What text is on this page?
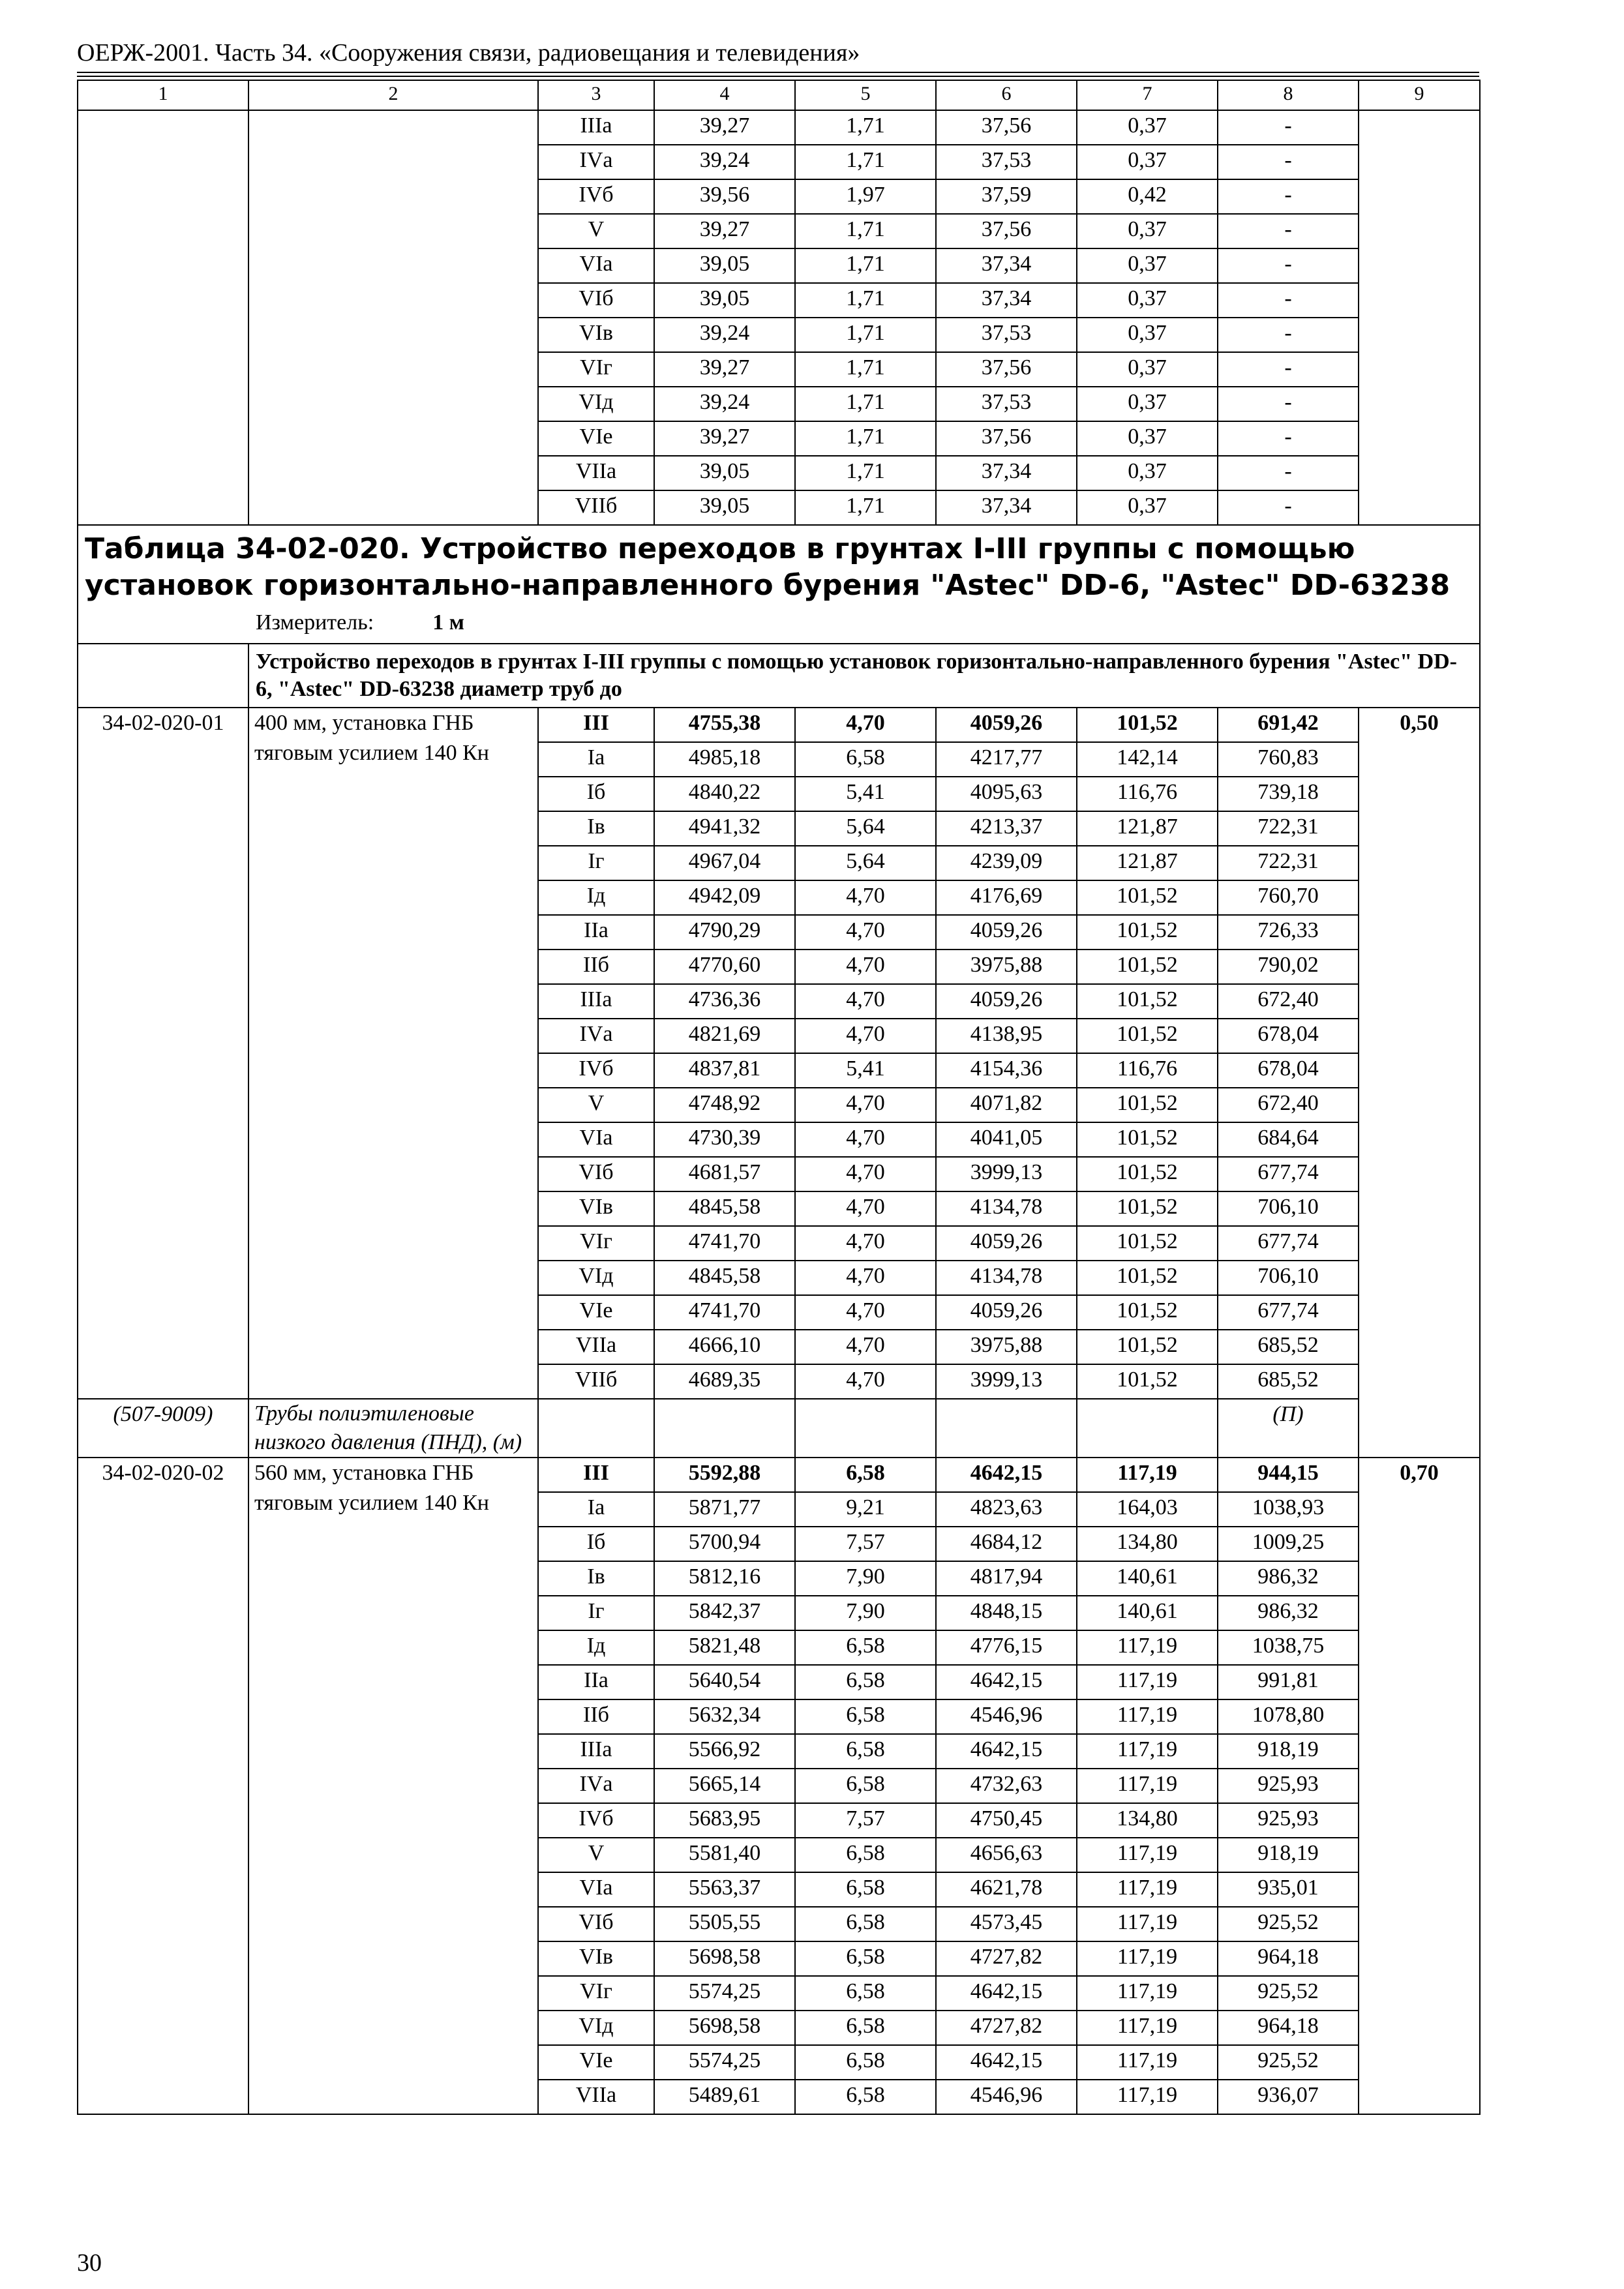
ОЕРЖ-2001. Часть 34. «Сооружения связи, радиовещания и телевидения»
1	2	3	4	5	6	7	8	9
		IIIа	39,27	1,71	37,56	0,37	-	
		IVа	39,24	1,71	37,53	0,37	-	
		IVб	39,56	1,97	37,59	0,42	-	
		V	39,27	1,71	37,56	0,37	-	
		VIа	39,05	1,71	37,34	0,37	-	
		VIб	39,05	1,71	37,34	0,37	-	
		VIв	39,24	1,71	37,53	0,37	-	
		VIг	39,27	1,71	37,56	0,37	-	
		VIд	39,24	1,71	37,53	0,37	-	
		VIе	39,27	1,71	37,56	0,37	-	
		VIIа	39,05	1,71	37,34	0,37	-	
		VIIб	39,05	1,71	37,34	0,37	-	

Таблица 34-02-020. Устройство переходов в грунтах I-III группы с помощью установок горизонтально-направленного бурения "Astec" DD-6, "Astec" DD-63238
Измеритель: 1 м								

	Устройство переходов в грунтах I-III группы с помощью установок горизонтально-направленного бурения "Astec" DD-6, "Astec" DD-63238 диаметр труб до							
34-02-020-01	400 мм, установка ГНБ тяговым усилием 140 Кн	III	4755,38	4,70	4059,26	101,52	691,42	0,50
		Iа	4985,18	6,58	4217,77	142,14	760,83	
		Iб	4840,22	5,41	4095,63	116,76	739,18	
		Iв	4941,32	5,64	4213,37	121,87	722,31	
		Iг	4967,04	5,64	4239,09	121,87	722,31	
		Iд	4942,09	4,70	4176,69	101,52	760,70	
		IIа	4790,29	4,70	4059,26	101,52	726,33	
		IIб	4770,60	4,70	3975,88	101,52	790,02	
		IIIа	4736,36	4,70	4059,26	101,52	672,40	
		IVа	4821,69	4,70	4138,95	101,52	678,04	
		IVб	4837,81	5,41	4154,36	116,76	678,04	
		V	4748,92	4,70	4071,82	101,52	672,40	
		VIа	4730,39	4,70	4041,05	101,52	684,64	
		VIб	4681,57	4,70	3999,13	101,52	677,74	
		VIв	4845,58	4,70	4134,78	101,52	706,10	
		VIг	4741,70	4,70	4059,26	101,52	677,74	
		VIд	4845,58	4,70	4134,78	101,52	706,10	
		VIе	4741,70	4,70	4059,26	101,52	677,74	
		VIIа	4666,10	4,70	3975,88	101,52	685,52	
		VIIб	4689,35	4,70	3999,13	101,52	685,52	
(507-9009)	Трубы полиэтиленовые низкого давления (ПНД), (м)						(П)	
34-02-020-02	560 мм, установка ГНБ тяговым усилием 140 Кн	III	5592,88	6,58	4642,15	117,19	944,15	0,70
		Iа	5871,77	9,21	4823,63	164,03	1038,93	
		Iб	5700,94	7,57	4684,12	134,80	1009,25	
		Iв	5812,16	7,90	4817,94	140,61	986,32	
		Iг	5842,37	7,90	4848,15	140,61	986,32	
		Iд	5821,48	6,58	4776,15	117,19	1038,75	
		IIа	5640,54	6,58	4642,15	117,19	991,81	
		IIб	5632,34	6,58	4546,96	117,19	1078,80	
		IIIа	5566,92	6,58	4642,15	117,19	918,19	
		IVа	5665,14	6,58	4732,63	117,19	925,93	
		IVб	5683,95	7,57	4750,45	134,80	925,93	
		V	5581,40	6,58	4656,63	117,19	918,19	
		VIа	5563,37	6,58	4621,78	117,19	935,01	
		VIб	5505,55	6,58	4573,45	117,19	925,52	
		VIв	5698,58	6,58	4727,82	117,19	964,18	
		VIг	5574,25	6,58	4642,15	117,19	925,52	
		VIд	5698,58	6,58	4727,82	117,19	964,18	
		VIе	5574,25	6,58	4642,15	117,19	925,52	
		VIIа	5489,61	6,58	4546,96	117,19	936,07	
30
